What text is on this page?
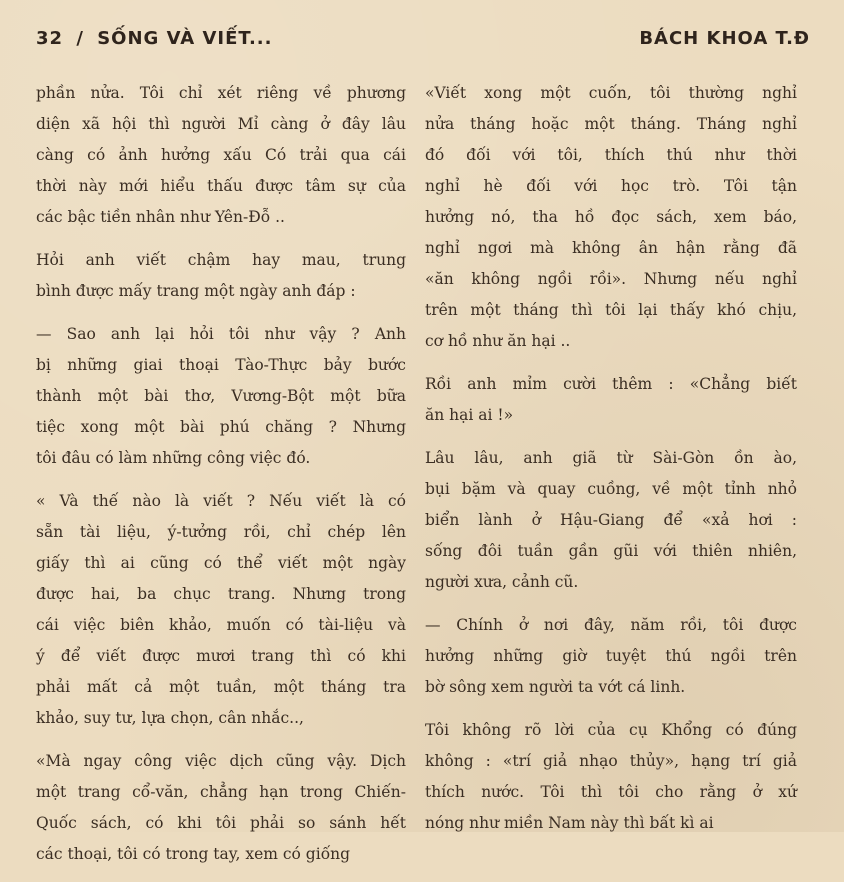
32 / SỐNG VÀ VIẾT...	BÁCH KHOA T.Đ
phần nửa. Tôi chỉ xét riêng về phương
diện xã hội thì người Mỉ càng ở đây lâu
càng có ảnh hưởng xấu Có trải qua cái
thời này mới hiểu thấu được tâm sự của
các bậc tiền nhân như Yên-Đỗ ..
Hỏi anh viết chậm hay mau, trung
bình được mấy trang một ngày anh đáp :
— Sao anh lại hỏi tôi như vậy ? Anh
bị những giai thoại Tào-Thực bảy bước
thành một bài thơ, Vương-Bột một bữa
tiệc xong một bài phú chăng ? Nhưng
tôi đâu có làm những công việc đó.
« Và thế nào là viết ? Nếu viết là có
sẵn tài liệu, ý-tưởng rồi, chỉ chép lên
giấy thì ai cũng có thể viết một ngày
được hai, ba chục trang. Nhưng trong
cái việc biên khảo, muốn có tài-liệu và
ý để viết được mươi trang thì có khi
phải mất cả một tuần, một tháng tra
khảo, suy tư, lựa chọn, cân nhắc..,
«Mà ngay công việc dịch cũng vậy. Dịch
một trang cổ-văn, chẳng hạn trong Chiến-
Quốc sách, có khi tôi phải so sánh hết
các thoại, tôi có trong tay, xem có giống
«Viết xong một cuốn, tôi thường nghỉ
nửa tháng hoặc một tháng. Tháng nghỉ
đó đối với tôi, thích thú như thời
nghỉ hè đối với học trò. Tôi tận
hưởng nó, tha hồ đọc sách, xem báo,
nghỉ ngơi mà không ân hận rằng đã
«ăn không ngồi rồi». Nhưng nếu nghỉ
trên một tháng thì tôi lại thấy khó chịu,
cơ hồ như ăn hại ..
Rồi anh mỉm cười thêm : «Chẳng biết
ăn hại ai !»
Lâu lâu, anh giã từ Sài-Gòn ồn ào,
bụi bặm và quay cuồng, về một tỉnh nhỏ
biển lành ở Hậu-Giang để «xả hơi :
sống đôi tuần gần gũi với thiên nhiên,
người xưa, cảnh cũ.
— Chính ở nơi đây, năm rồi, tôi được
hưởng những giờ tuyệt thú ngồi trên
bờ sông xem người ta vớt cá linh.
Tôi không rõ lời của cụ Khổng có đúng
không : «trí giả nhạo thủy», hạng trí giả
thích nước. Tôi thì tôi cho rằng ở xứ
nóng như miền Nam này thì bất kì ai
